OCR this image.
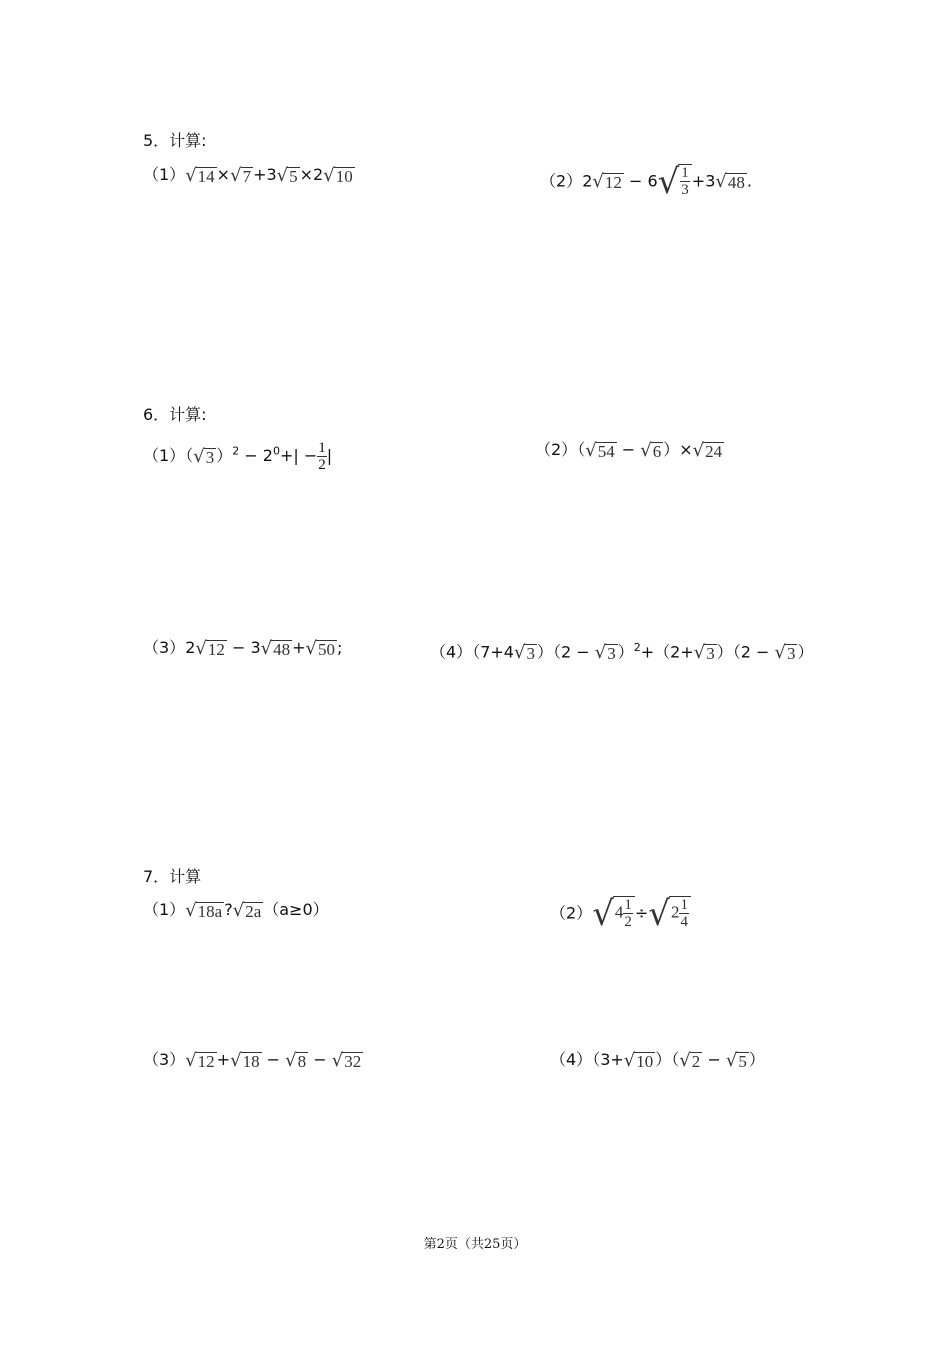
5．计算:
（1）√14 ×√7 +3√5 ×2√10	$(2)2√12 - 6√ \frac{1}{3} +3√48$ .
6．计算:
（1）（√3 ）$^2 - 2^0+| - \frac{1}{2}$ |	（2）（√54 − √6 ）×√24
（3）2√12 − 3√48 +√50 ;	（4）（7+4√3 ）（2 − √3 ）$^2$+（2+√3 ）（2 − √3 ）
7．计算
（1）√18a ?√2a （a≥0）	$(2)√4 \frac{1}{2} \div√2 \frac{1}{4}$
（3）√12 +√18 − √8 − √32	（4）（3+√10 ）（√2 − √5 ）
第2页（共25页）
